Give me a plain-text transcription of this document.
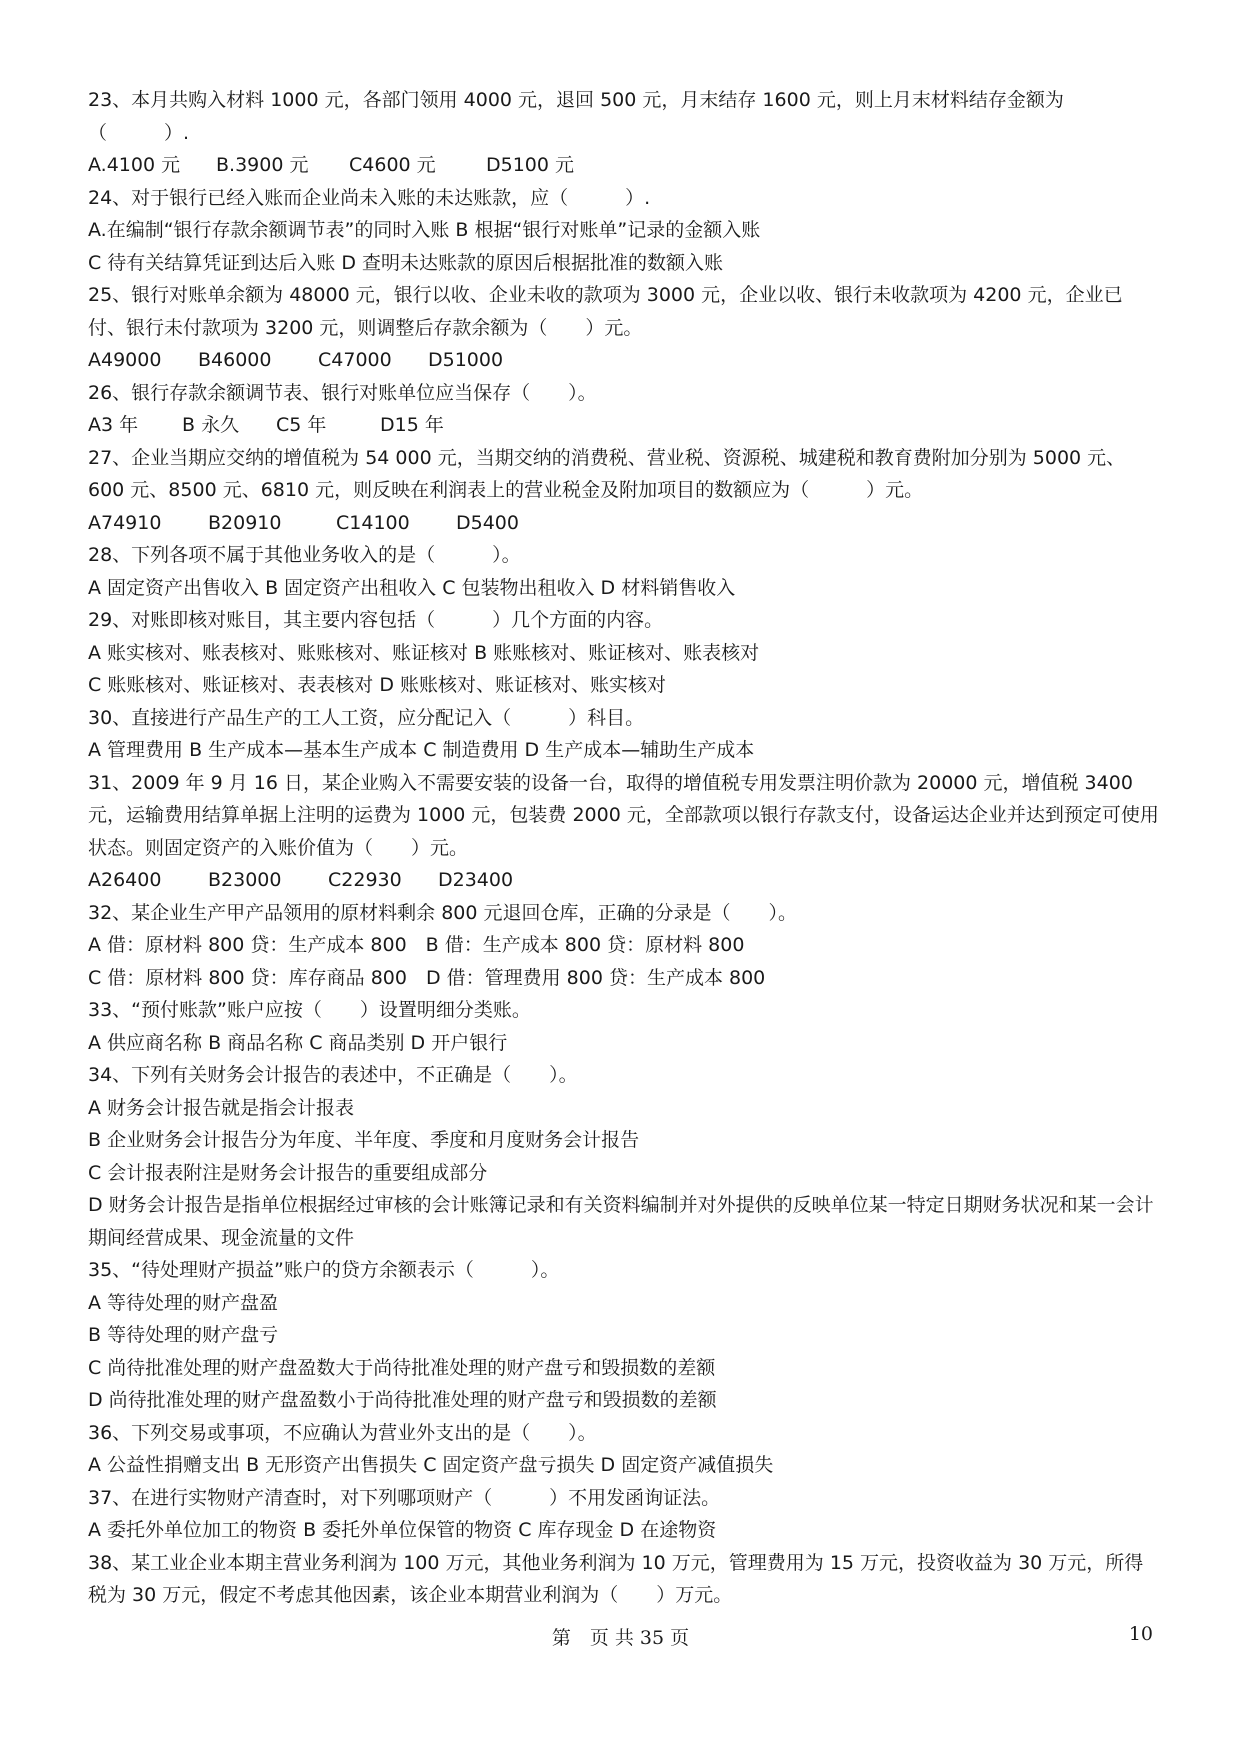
23、本月共购入材料 1000 元，各部门领用 4000 元，退回 500 元，月末结存 1600 元，则上月末材料结存金额为（　　　）.
A.4100 元 B.3900 元 C4600 元	D5100 元
24、对于银行已经入账而企业尚未入账的未达账款，应（　　　）.
A.在编制“银行存款余额调节表”的同时入账 B 根据“银行对账单”记录的金额入账
C 待有关结算凭证到达后入账 D 查明未达账款的原因后根据批准的数额入账
25、银行对账单余额为 48000 元，银行以收、企业未收的款项为 3000 元，企业以收、银行未收款项为 4200 元，企业已付、银行未付款项为 3200 元，则调整后存款余额为（　　）元。
A49000 B46000 C47000 D51000
26、银行存款余额调节表、银行对账单位应当保存（　　）。
A3 年 B 永久 C5 年	D15 年
27、企业当期应交纳的增值税为 54 000 元，当期交纳的消费税、营业税、资源税、城建税和教育费附加分别为 5000 元、600 元、8500 元、6810 元，则反映在利润表上的营业税金及附加项目的数额应为（　　　）元。
A74910 B20910	C14100 D5400
28、下列各项不属于其他业务收入的是（　　　）。
A 固定资产出售收入 B 固定资产出租收入 C 包装物出租收入 D 材料销售收入
29、对账即核对账目，其主要内容包括（　　　）几个方面的内容。
A 账实核对、账表核对、账账核对、账证核对 B 账账核对、账证核对、账表核对
C 账账核对、账证核对、表表核对 D 账账核对、账证核对、账实核对
30、直接进行产品生产的工人工资，应分配记入（　　　）科目。
A 管理费用 B 生产成本—基本生产成本 C 制造费用 D 生产成本—辅助生产成本
31、2009 年 9 月 16 日，某企业购入不需要安装的设备一台，取得的增值税专用发票注明价款为 20000 元，增值税 3400 元，运输费用结算单据上注明的运费为 1000 元，包装费 2000 元，全部款项以银行存款支付，设备运达企业并达到预定可使用状态。则固定资产的入账价值为（　　）元。
A26400 B23000 C22930 D23400
32、某企业生产甲产品领用的原材料剩余 800 元退回仓库，正确的分录是（　　）。
A 借：原材料 800 贷：生产成本 800　B 借：生产成本 800 贷：原材料 800
C 借：原材料 800 贷：库存商品 800　D 借：管理费用 800 贷：生产成本 800
33、“预付账款”账户应按（　　）设置明细分类账。
A 供应商名称 B 商品名称 C 商品类别 D 开户银行
34、下列有关财务会计报告的表述中，不正确是（　　）。
A 财务会计报告就是指会计报表
B 企业财务会计报告分为年度、半年度、季度和月度财务会计报告
C 会计报表附注是财务会计报告的重要组成部分
D 财务会计报告是指单位根据经过审核的会计账簿记录和有关资料编制并对外提供的反映单位某一特定日期财务状况和某一会计期间经营成果、现金流量的文件
35、“待处理财产损益”账户的贷方余额表示（　　　）。
A 等待处理的财产盘盈
B 等待处理的财产盘亏
C 尚待批准处理的财产盘盈数大于尚待批准处理的财产盘亏和毁损数的差额
D 尚待批准处理的财产盘盈数小于尚待批准处理的财产盘亏和毁损数的差额
36、下列交易或事项，不应确认为营业外支出的是（　　）。
A 公益性捐赠支出 B 无形资产出售损失 C 固定资产盘亏损失 D 固定资产减值损失
37、在进行实物财产清查时，对下列哪项财产（　　　）不用发函询证法。
A 委托外单位加工的物资 B 委托外单位保管的物资 C 库存现金 D 在途物资
38、某工业企业本期主营业务利润为 100 万元，其他业务利润为 10 万元，管理费用为 15 万元，投资收益为 30 万元，所得税为 30 万元，假定不考虑其他因素，该企业本期营业利润为（　　）万元。
第　页 共 35 页	10
